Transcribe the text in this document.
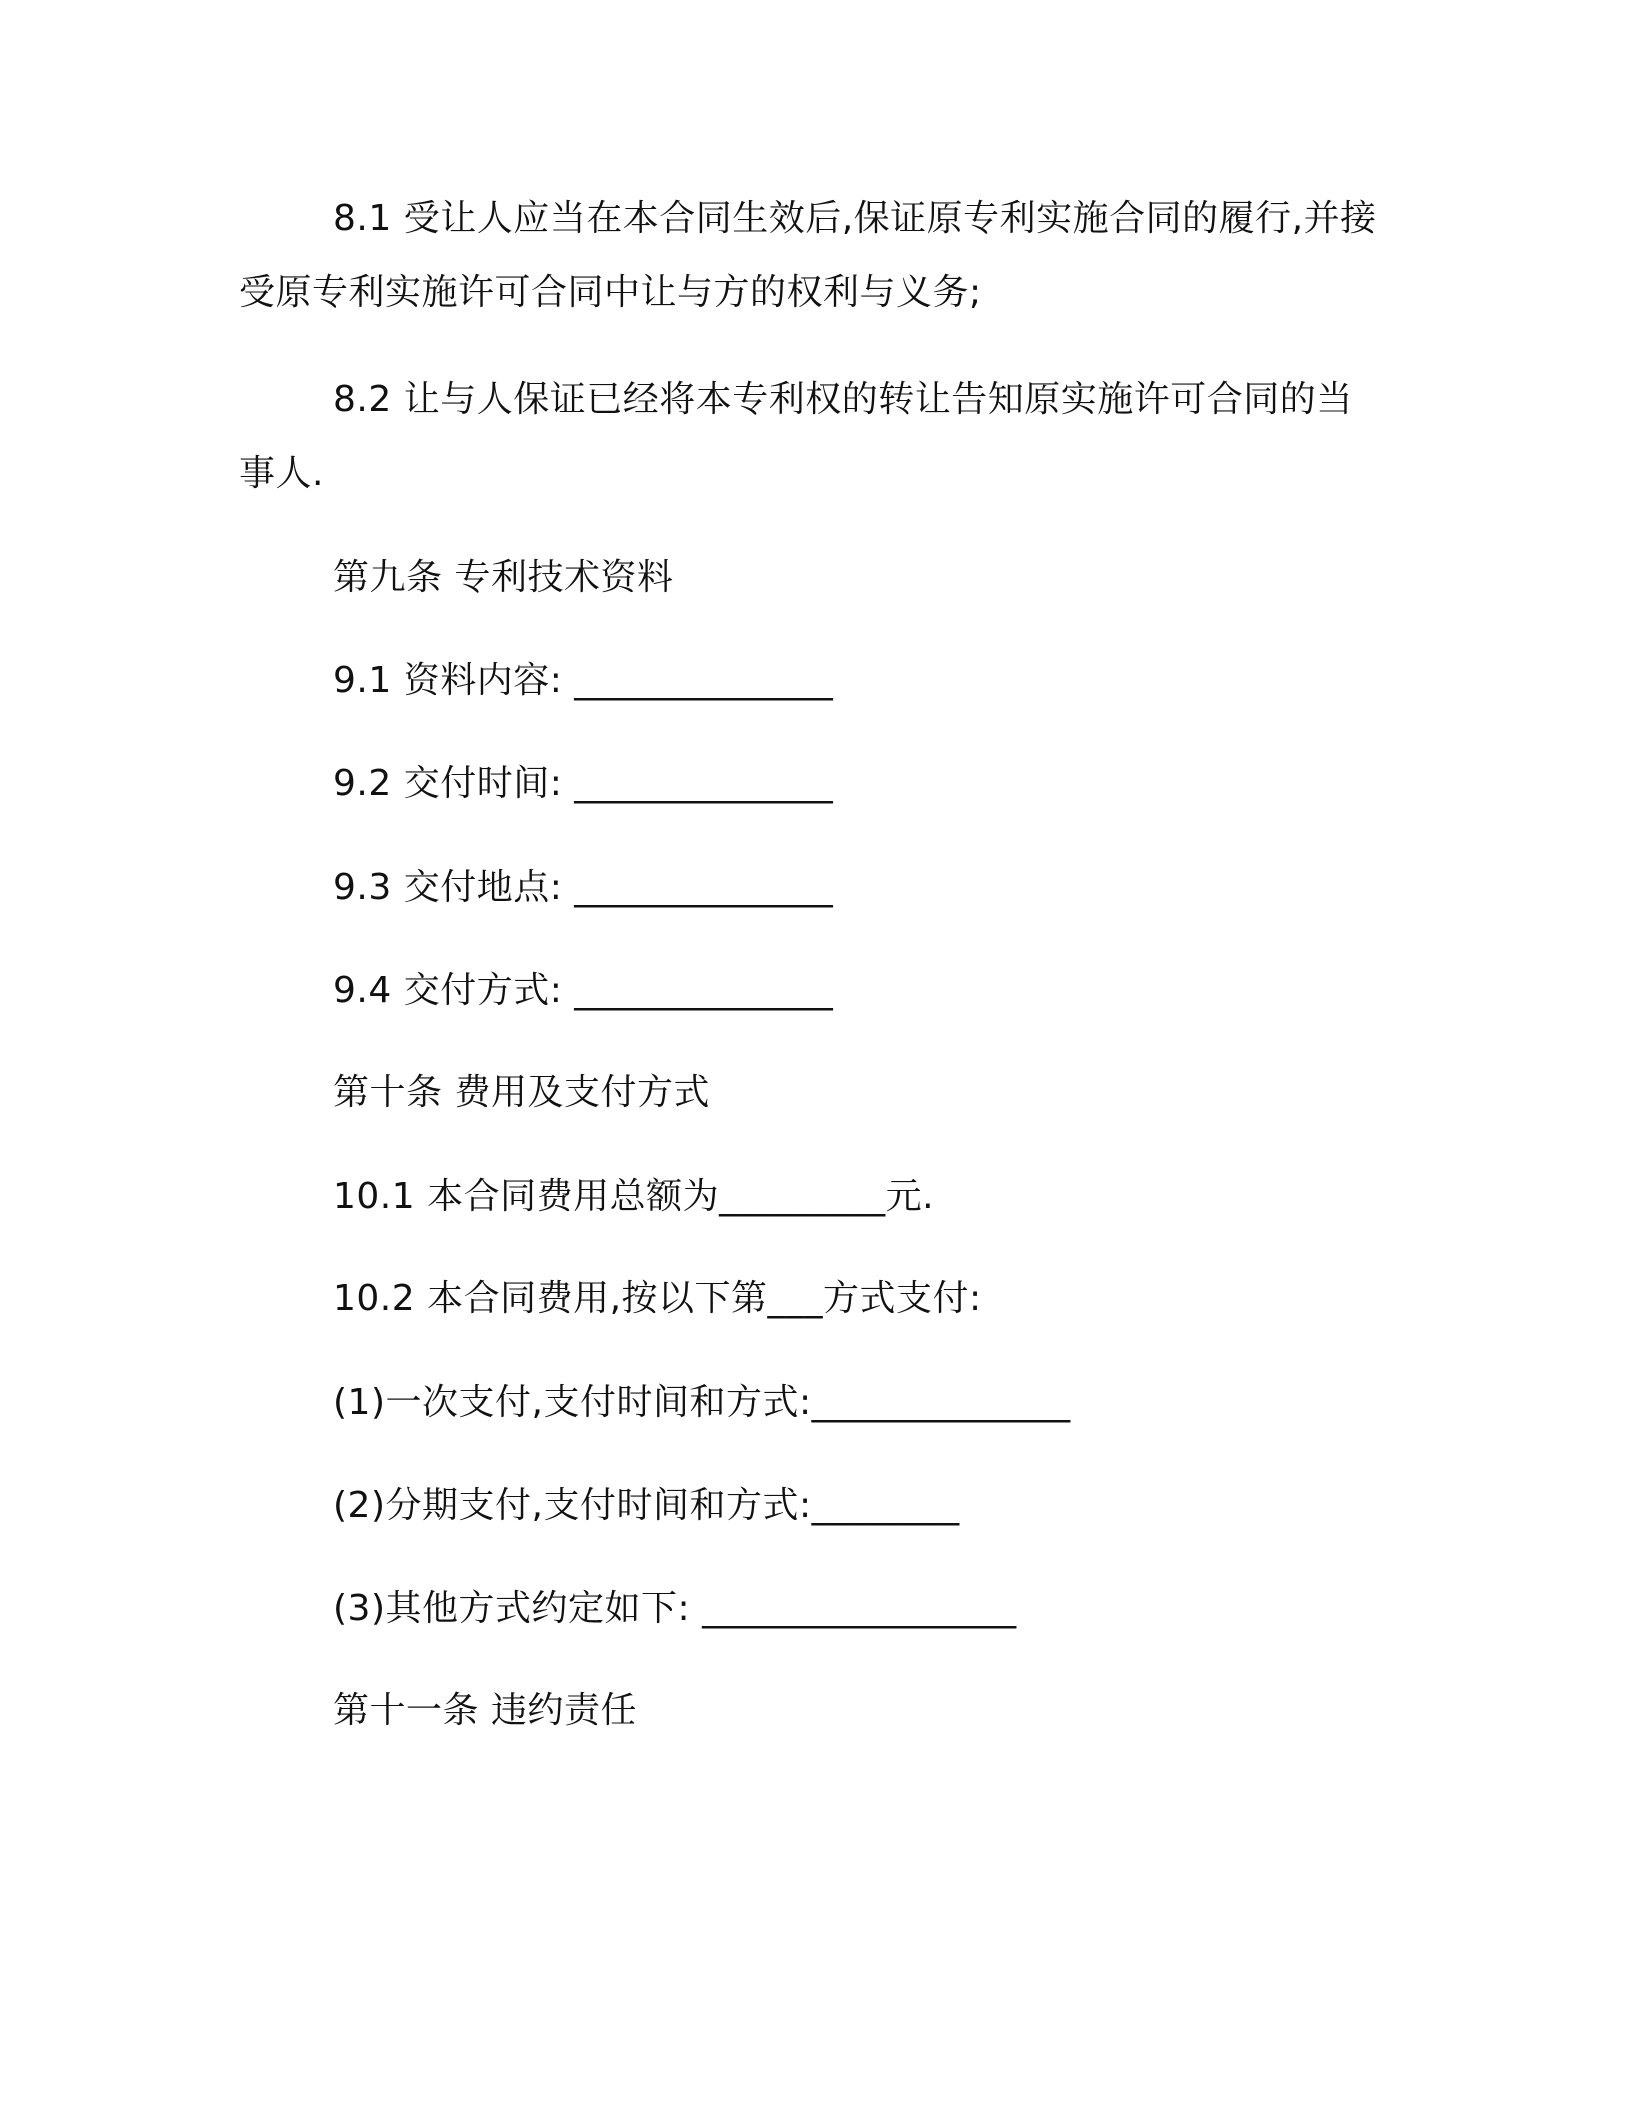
8.1 受让人应当在本合同生效后,保证原专利实施合同的履行,并接
受原专利实施许可合同中让与方的权利与义务;
8.2 让与人保证已经将本专利权的转让告知原实施许可合同的当
事人.
第九条 专利技术资料
9.1 资料内容: ______________
9.2 交付时间: ______________
9.3 交付地点: ______________
9.4 交付方式: ______________
第十条 费用及支付方式
10.1 本合同费用总额为_________元.
10.2 本合同费用,按以下第___方式支付:
(1)一次支付,支付时间和方式:______________
(2)分期支付,支付时间和方式:________
(3)其他方式约定如下: _________________
第十一条 违约责任
